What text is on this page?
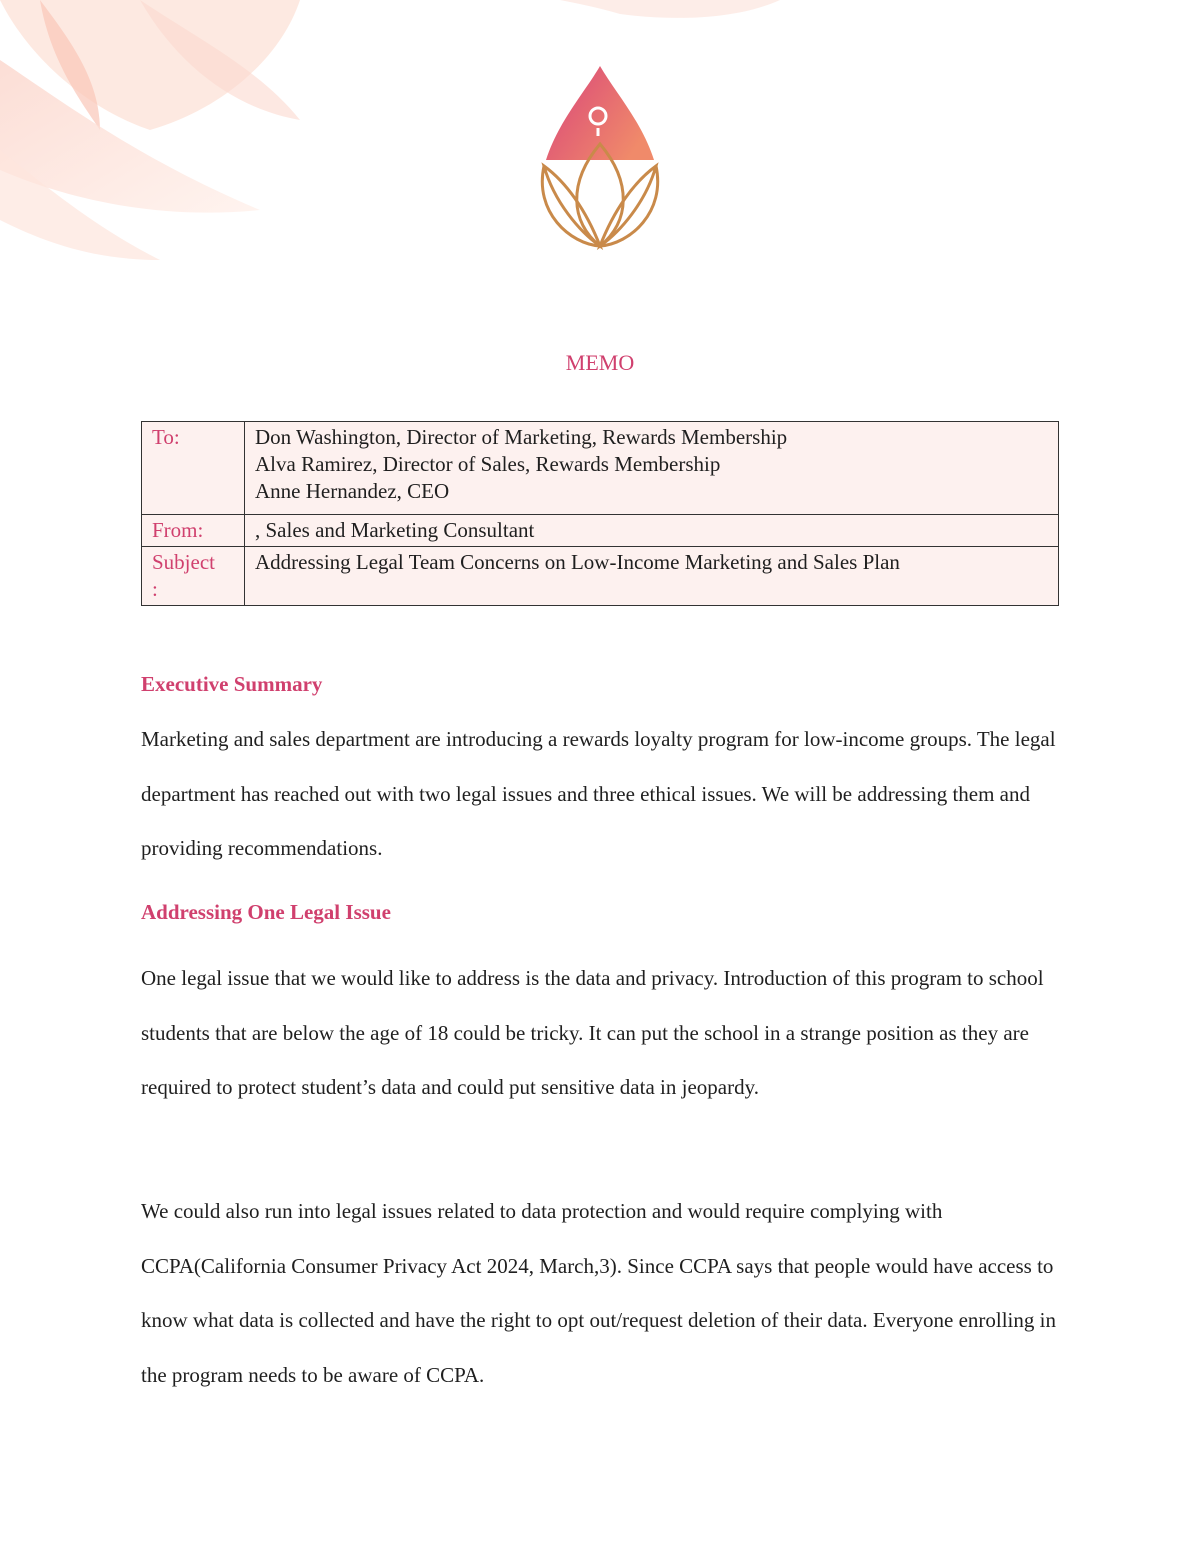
MEMO
To:	Don Washington, Director of Marketing, Rewards Membership
Alva Ramirez, Director of Sales, Rewards Membership
Anne Hernandez, CEO

From:	, Sales and Marketing Consultant
Subject
:	Addressing Legal Team Concerns on Low-Income Marketing and Sales Plan
Executive Summary

Marketing and sales department are introducing a rewards loyalty program for low-income groups. The legal department has reached out with two legal issues and three ethical issues. We will be addressing them and providing recommendations.

Addressing One Legal Issue

One legal issue that we would like to address is the data and privacy. Introduction of this program to school students that are below the age of 18 could be tricky. It can put the school in a strange position as they are required to protect student’s data and could put sensitive data in jeopardy.

We could also run into legal issues related to data protection and would require complying with CCPA(California Consumer Privacy Act 2024, March,3). Since CCPA says that people would have access to know what data is collected and have the right to opt out/request deletion of their data. Everyone enrolling in the program needs to be aware of CCPA.
